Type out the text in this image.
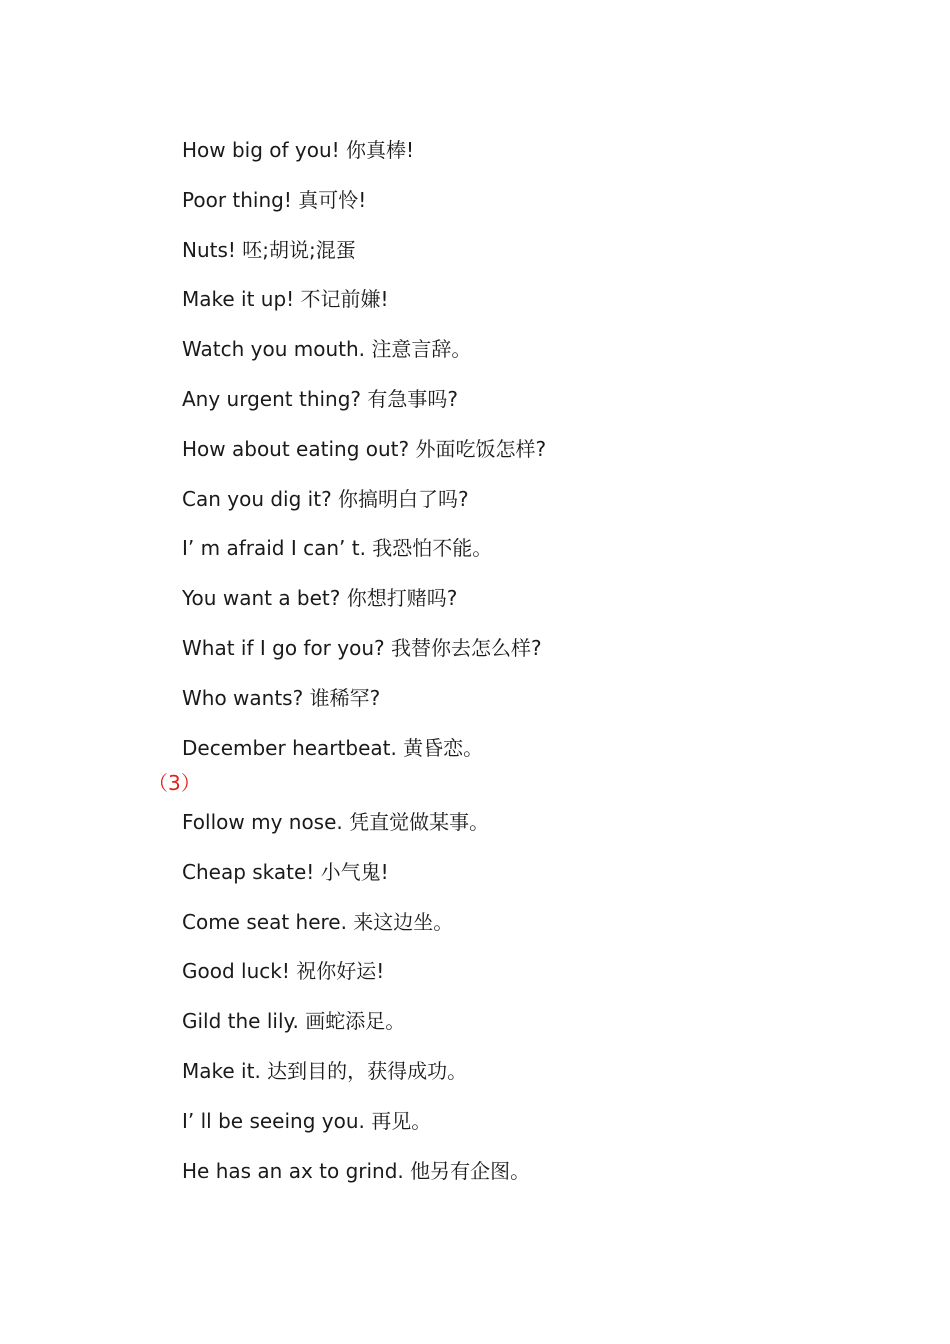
How big of you! 你真棒!
Poor thing! 真可怜!
Nuts! 呸;胡说;混蛋
Make it up! 不记前嫌!
Watch you mouth. 注意言辞。
Any urgent thing? 有急事吗?
How about eating out? 外面吃饭怎样?
Can you dig it? 你搞明白了吗?
I’ m afraid I can’ t. 我恐怕不能。
You want a bet? 你想打赌吗?
What if I go for you? 我替你去怎么样?
Who wants? 谁稀罕?
December heartbeat. 黄昏恋。
（3）
Follow my nose. 凭直觉做某事。
Cheap skate! 小气鬼!
Come seat here. 来这边坐。
Good luck! 祝你好运!
Gild the lily. 画蛇添足。
Make it. 达到目的，获得成功。
I’ ll be seeing you. 再见。
He has an ax to grind. 他另有企图。
